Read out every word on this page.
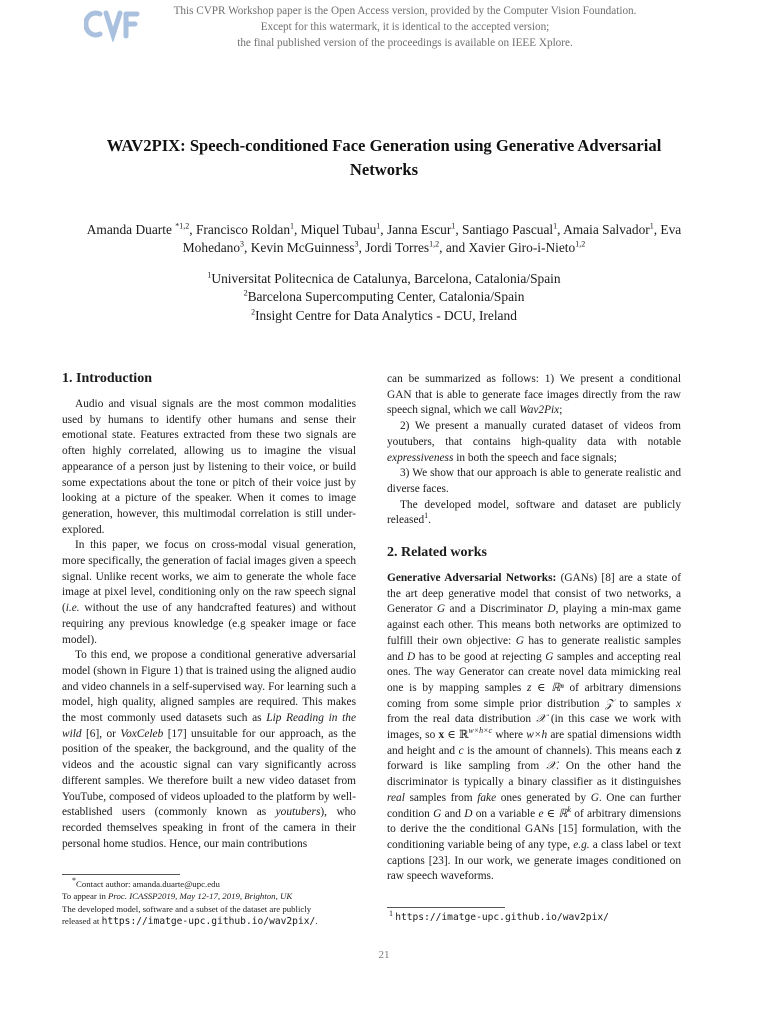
This CVPR Workshop paper is the Open Access version, provided by the Computer Vision Foundation.
Except for this watermark, it is identical to the accepted version;
the final published version of the proceedings is available on IEEE Xplore.
WAV2PIX: Speech-conditioned Face Generation using Generative Adversarial
Networks
Amanda Duarte $^{*1,2}$, Francisco Roldan$^1$, Miquel Tubau$^1$, Janna Escur$^1$, Santiago Pascual$^1$, Amaia Salvador$^1$, Eva Mohedano$^3$, Kevin McGuinness$^3$, Jordi Torres$^{1,2}$, and Xavier Giro-i-Nieto$^{1,2}$
$^1$Universitat Politecnica de Catalunya, Barcelona, Catalonia/Spain
$^2$Barcelona Supercomputing Center, Catalonia/Spain
$^2$Insight Centre for Data Analytics - DCU, Ireland
1. Introduction

Audio and visual signals are the most common modalities used by humans to identify other humans and sense their emotional state. Features extracted from these two signals are often highly correlated, allowing us to imagine the visual appearance of a person just by listening to their voice, or build some expectations about the tone or pitch of their voice just by looking at a picture of the speaker. When it comes to image generation, however, this multimodal correlation is still under-explored.

In this paper, we focus on cross-modal visual generation, more specifically, the generation of facial images given a speech signal. Unlike recent works, we aim to generate the whole face image at pixel level, conditioning only on the raw speech signal (i.e. without the use of any handcrafted features) and without requiring any previous knowledge (e.g speaker image or face model).

To this end, we propose a conditional generative adversarial model (shown in Figure 1) that is trained using the aligned audio and video channels in a self-supervised way. For learning such a model, high quality, aligned samples are required. This makes the most commonly used datasets such as Lip Reading in the wild [6], or VoxCeleb [17] unsuitable for our approach, as the position of the speaker, the background, and the quality of the videos and the acoustic signal can vary significantly across different samples. We therefore built a new video dataset from YouTube, composed of videos uploaded to the platform by well-established users (commonly known as youtubers), who recorded themselves speaking in front of the camera in their personal home studios. Hence, our main contributions

*Contact author: amanda.duarte@upc.edu
To appear in Proc. ICASSP2019, May 12-17, 2019, Brighton, UK
The developed model, software and a subset of the dataset are publicly
released at https://imatge-upc.github.io/wav2pix/.

can be summarized as follows: 1) We present a conditional GAN that is able to generate face images directly from the raw speech signal, which we call Wav2Pix;

2) We present a manually curated dataset of videos from youtubers, that contains high-quality data with notable expressiveness in both the speech and face signals;

3) We show that our approach is able to generate realistic and diverse faces.

The developed model, software and dataset are publicly released$^1$.

2. Related works

Generative Adversarial Networks: (GANs) [8] are a state of the art deep generative model that consist of two networks, a Generator G and a Discriminator D, playing a min-max game against each other. This means both networks are optimized to fulfill their own objective: G has to generate realistic samples and D has to be good at rejecting G samples and accepting real ones. The way Generator can create novel data mimicking real one is by mapping samples z ∈ ℝⁿ of arbitrary dimensions coming from some simple prior distribution 𝒵 to samples x from the real data distribution 𝒳 (in this case we work with images, so x ∈ ℝ$^{w\times h\times c}$ where w×h are spatial dimensions width and height and c is the amount of channels). This means each z forward is like sampling from 𝒳. On the other hand the discriminator is typically a binary classifier as it distinguishes real samples from fake ones generated by G. One can further condition G and D on a variable e ∈ ℝ$^k$ of arbitrary dimensions to derive the the conditional GANs [15] formulation, with the conditioning variable being of any type, e.g. a class label or text captions [23]. In our work, we generate images conditioned on raw speech waveforms.

$^1$ https://imatge-upc.github.io/wav2pix/
21
